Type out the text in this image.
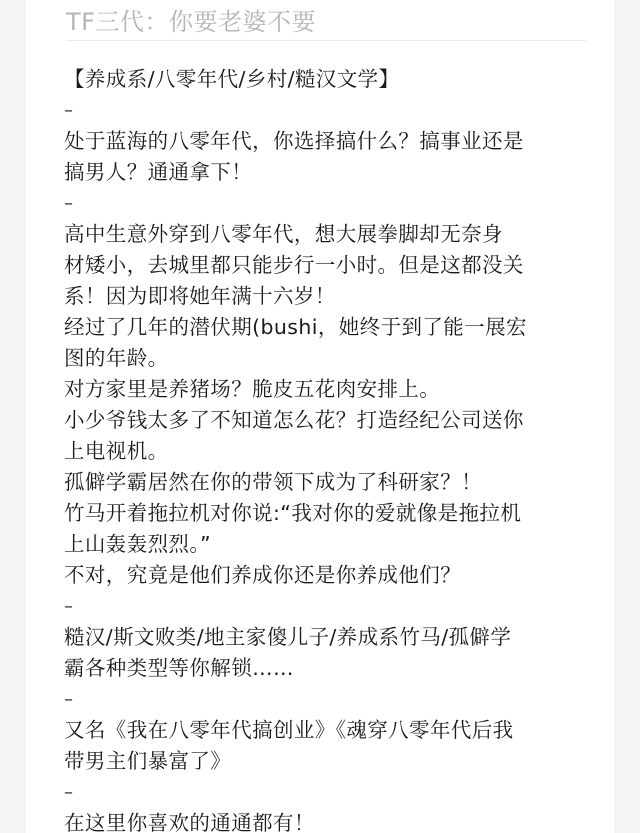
TF三代：你要老婆不要
【养成系/八零年代/乡村/糙汉文学】
–
处于蓝海的八零年代，你选择搞什么？搞事业还是
搞男人？通通拿下！
–
高中生意外穿到八零年代，想大展拳脚却无奈身
材矮小，去城里都只能步行一小时。但是这都没关
系！因为即将她年满十六岁！
经过了几年的潜伏期(bushi，她终于到了能一展宏
图的年龄。
对方家里是养猪场？脆皮五花肉安排上。
小少爷钱太多了不知道怎么花？打造经纪公司送你
上电视机。
孤僻学霸居然在你的带领下成为了科研家？！
竹马开着拖拉机对你说:“我对你的爱就像是拖拉机
上山轰轰烈烈。”
不对，究竟是他们养成你还是你养成他们？
–
糙汉/斯文败类/地主家傻儿子/养成系竹马/孤僻学
霸各种类型等你解锁……
–
又名《我在八零年代搞创业》《魂穿八零年代后我
带男主们暴富了》
–
在这里你喜欢的通通都有！
